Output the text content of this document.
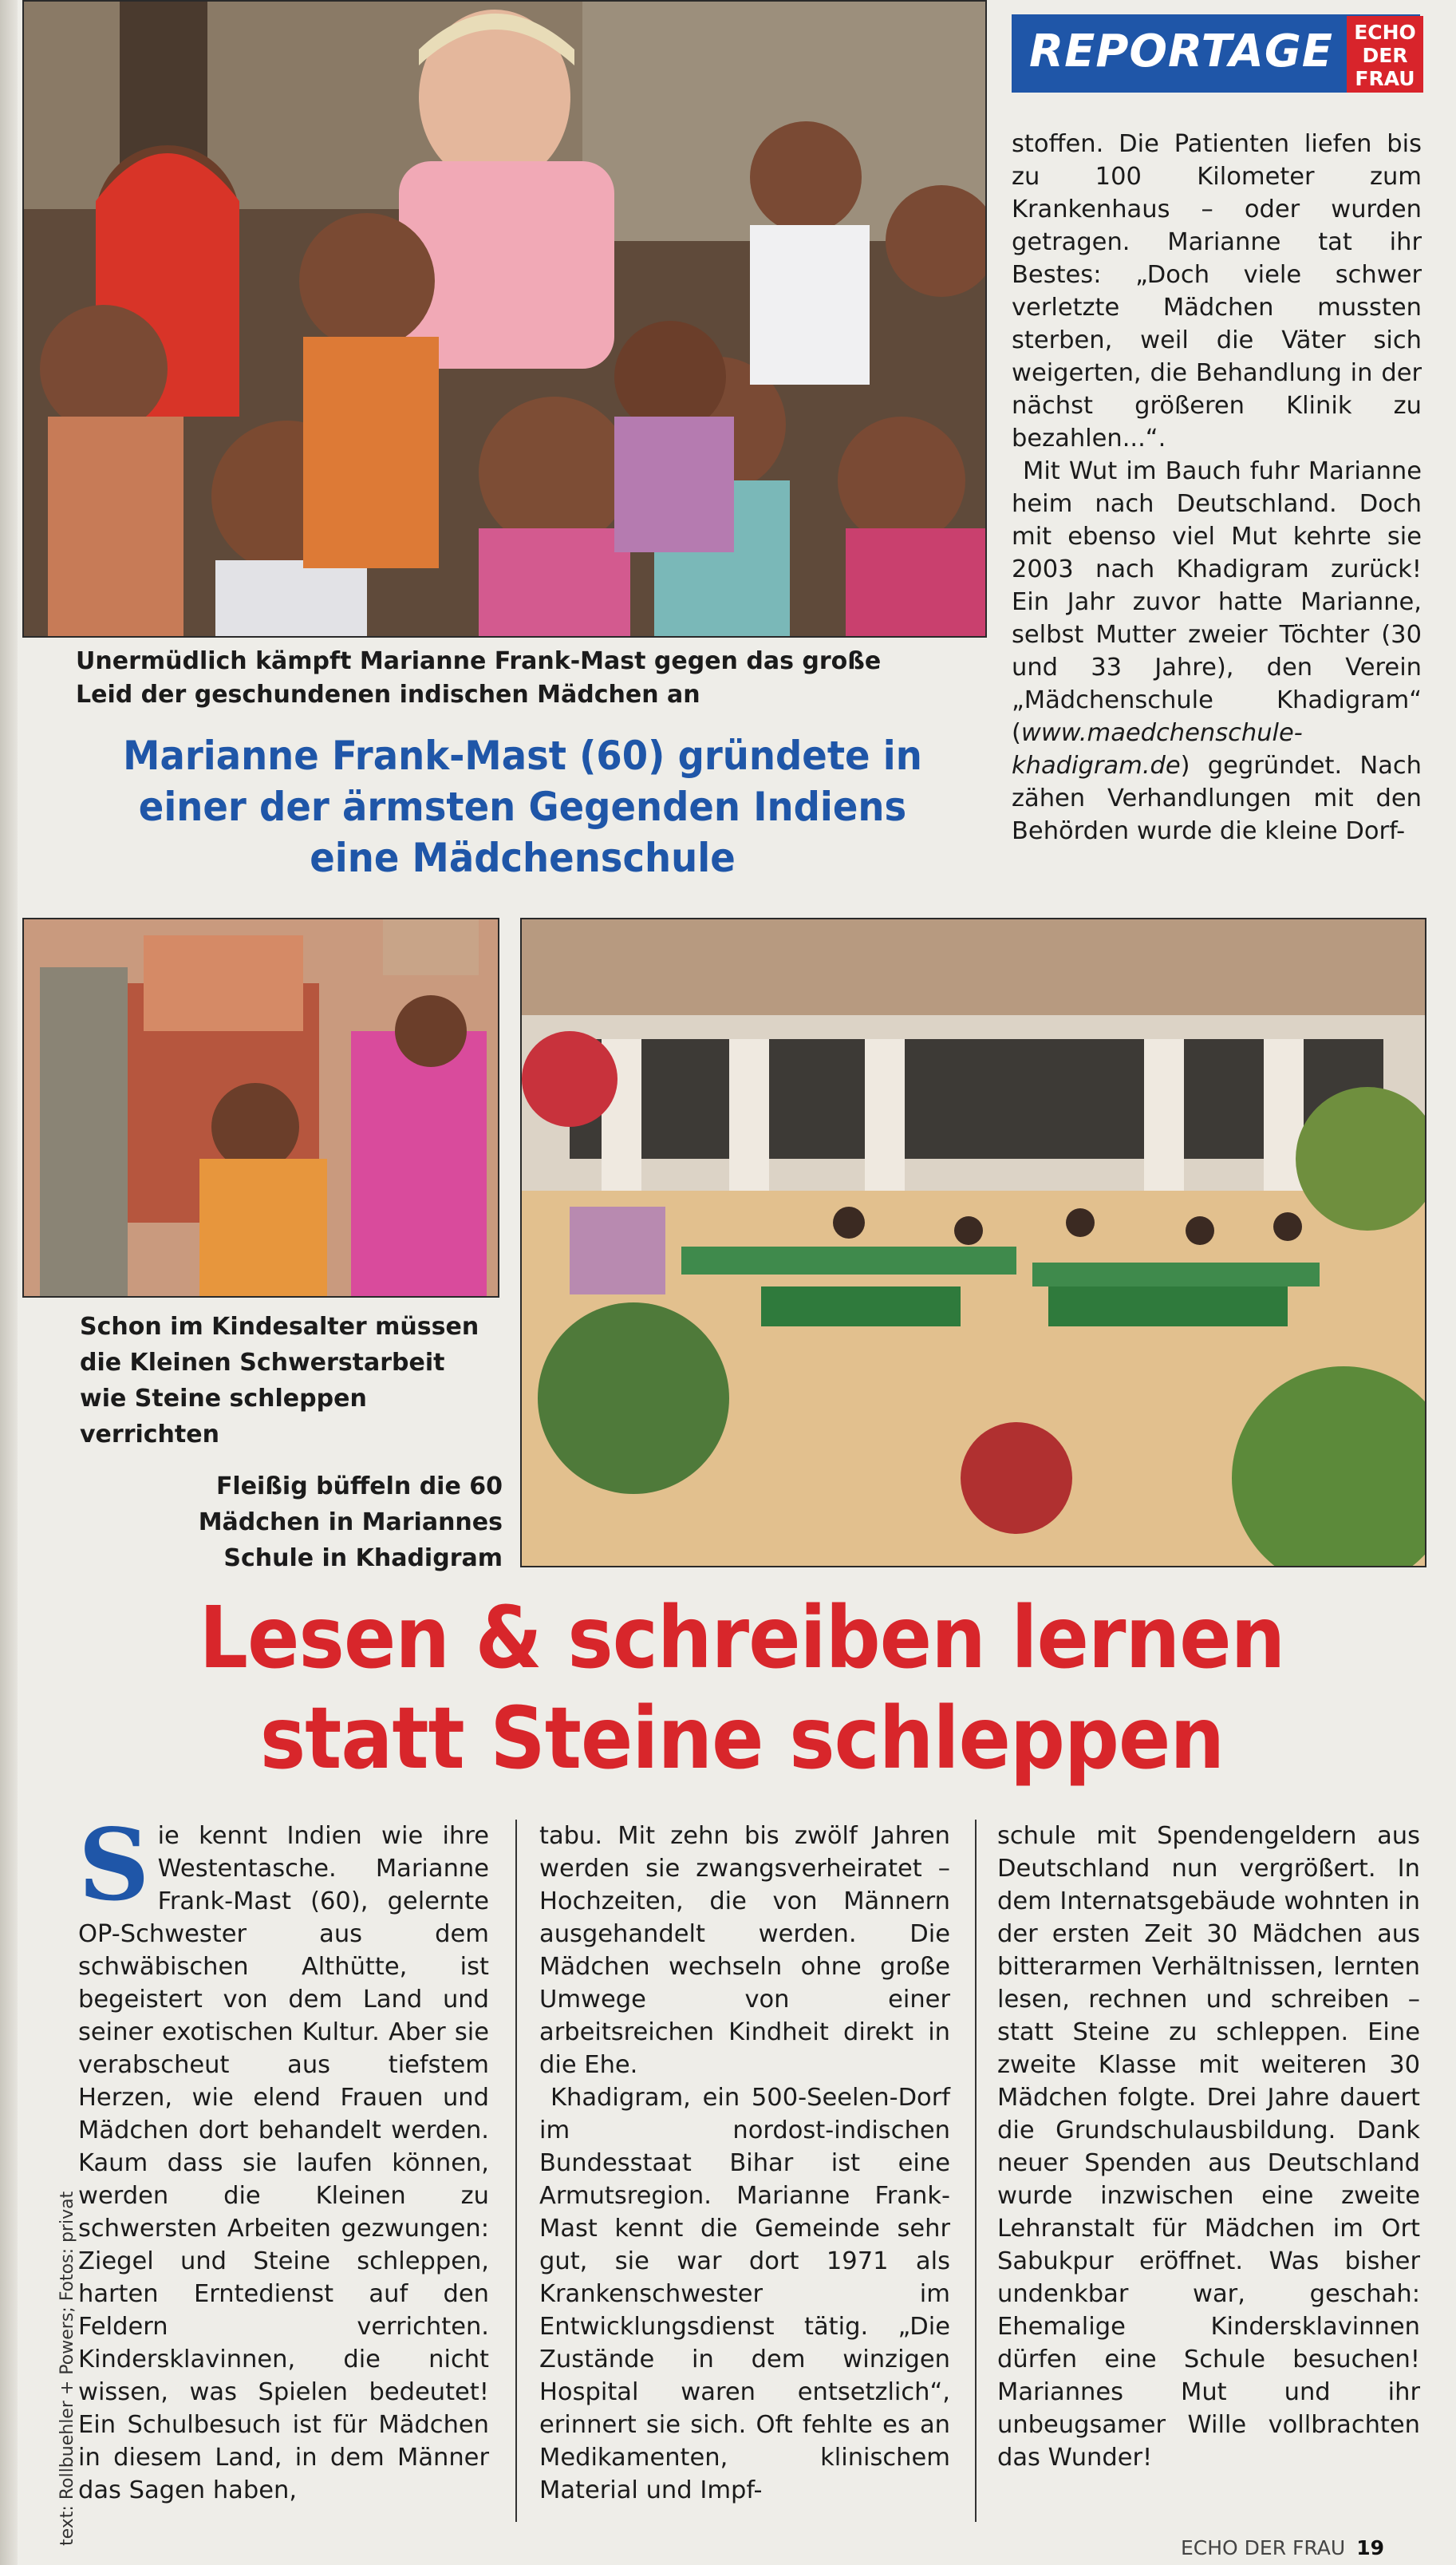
REPORTAGE	ECHO
DER
FRAU

stoffen. Die Patienten liefen bis zu 100 Kilometer zum Krankenhaus – oder wurden getragen. Marianne tat ihr Bestes: „Doch viele schwer verletzte Mädchen mussten sterben, weil die Väter sich weigerten, die Behandlung in der nächst größeren Klinik zu bezahlen...“.

Mit Wut im Bauch fuhr Marianne heim nach Deutschland. Doch mit ebenso viel Mut kehrte sie 2003 nach Khadigram zurück! Ein Jahr zuvor hatte Marianne, selbst Mutter zweier Töchter (30 und 33 Jahre), den Verein „Mädchenschule Khadigram“ (www.maedchenschule-khadigram.de) gegründet. Nach zähen Verhandlungen mit den Behörden wurde die kleine Dorf-

Unermüdlich kämpft Marianne Frank-Mast gegen das große Leid der geschundenen indischen Mädchen an
Marianne Frank-Mast (60) gründete in einer der ärmsten Gegenden Indiens eine Mädchenschule
Schon im Kindesalter müssen die Kleinen Schwerstarbeit wie Steine schleppen verrichten
Fleißig büffeln die 60 Mädchen in Mariannes Schule in Khadigram
Lesen & schreiben lernen
statt Steine schleppen

Sie kennt Indien wie ihre Westentasche. Marianne Frank-Mast (60), gelernte OP-Schwester aus dem schwäbischen Althütte, ist begeistert von dem Land und seiner exotischen Kultur. Aber sie verabscheut aus tiefstem Herzen, wie elend Frauen und Mädchen dort behandelt werden. Kaum dass sie laufen können, werden die Kleinen zu schwersten Arbeiten gezwungen: Ziegel und Steine schleppen, harten Erntedienst auf den Feldern verrichten. Kindersklavinnen, die nicht wissen, was Spielen bedeutet! Ein Schulbesuch ist für Mädchen in diesem Land, in dem Männer das Sagen haben,

tabu. Mit zehn bis zwölf Jahren werden sie zwangsverheiratet – Hochzeiten, die von Männern ausgehandelt werden. Die Mädchen wechseln ohne große Umwege von einer arbeitsreichen Kindheit direkt in die Ehe.

Khadigram, ein 500-Seelen-Dorf im nordost-indischen Bundesstaat Bihar ist eine Armutsregion. Marianne Frank-Mast kennt die Gemeinde sehr gut, sie war dort 1971 als Krankenschwester im Entwicklungsdienst tätig. „Die Zustände in dem winzigen Hospital waren entsetzlich“, erinnert sie sich. Oft fehlte es an Medikamenten, klinischem Material und Impf-

schule mit Spendengeldern aus Deutschland nun vergrößert. In dem Internatsgebäude wohnten in der ersten Zeit 30 Mädchen aus bitterarmen Verhältnissen, lernten lesen, rechnen und schreiben – statt Steine zu schleppen. Eine zweite Klasse mit weiteren 30 Mädchen folgte. Drei Jahre dauert die Grundschulausbildung. Dank neuer Spenden aus Deutschland wurde inzwischen eine zweite Lehranstalt für Mädchen im Ort Sabukpur eröffnet. Was bisher undenkbar war, geschah: Ehemalige Kindersklavinnen dürfen eine Schule besuchen! Mariannes Mut und ihr unbeugsamer Wille vollbrachten das Wunder!

text: Rollbuehler + Powers; Fotos: privat
ECHO DER FRAU 19
